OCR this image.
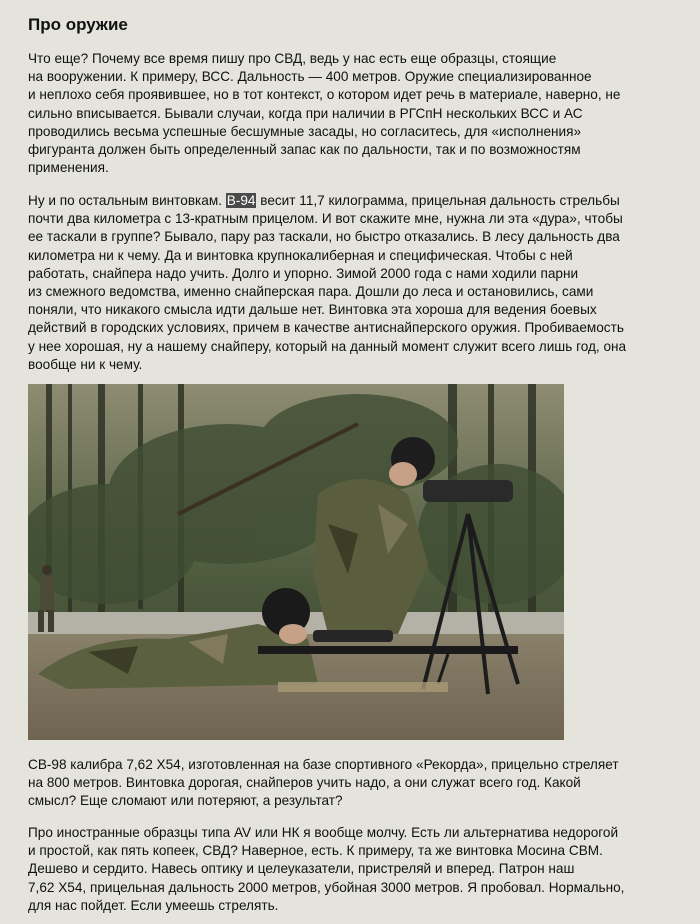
Про оружие
Что еще? Почему все время пишу про СВД, ведь у нас есть еще образцы, стоящие
на вооружении. К примеру, ВСС. Дальность — 400 метров. Оружие специализированное
и неплохо себя проявившее, но в тот контекст, о котором идет речь в материале, наверно, не
сильно вписывается. Бывали случаи, когда при наличии в РГСпН нескольких ВСС и АС
проводились весьма успешные бесшумные засады, но согласитесь, для «исполнения»
фигуранта должен быть определенный запас как по дальности, так и по возможностям
применения.
Ну и по остальным винтовкам. В-94 весит 11,7 килограмма, прицельная дальность стрельбы
почти два километра с 13-кратным прицелом. И вот скажите мне, нужна ли эта «дура», чтобы
ее таскали в группе? Бывало, пару раз таскали, но быстро отказались. В лесу дальность два
километра ни к чему. Да и винтовка крупнокалиберная и специфическая. Чтобы с ней
работать, снайпера надо учить. Долго и упорно. Зимой 2000 года с нами ходили парни
из смежного ведомства, именно снайперская пара. Дошли до леса и остановились, сами
поняли, что никакого смысла идти дальше нет. Винтовка эта хороша для ведения боевых
действий в городских условиях, причем в качестве антиснайперского оружия. Пробиваемость
у нее хорошая, ну а нашему снайперу, который на данный момент служит всего лишь год, она
вообще ни к чему.
СВ-98 калибра 7,62 Х54, изготовленная на базе спортивного «Рекорда», прицельно стреляет
на 800 метров. Винтовка дорогая, снайперов учить надо, а они служат всего год. Какой
смысл? Еще сломают или потеряют, а результат?
Про иностранные образцы типа AV или НК я вообще молчу. Есть ли альтернатива недорогой
и простой, как пять копеек, СВД? Наверное, есть. К примеру, та же винтовка Мосина СВМ.
Дешево и сердито. Навесь оптику и целеуказатели, пристреляй и вперед. Патрон наш
7,62 Х54, прицельная дальность 2000 метров, убойная 3000 метров. Я пробовал. Нормально,
для нас пойдет. Если умеешь стрелять.
